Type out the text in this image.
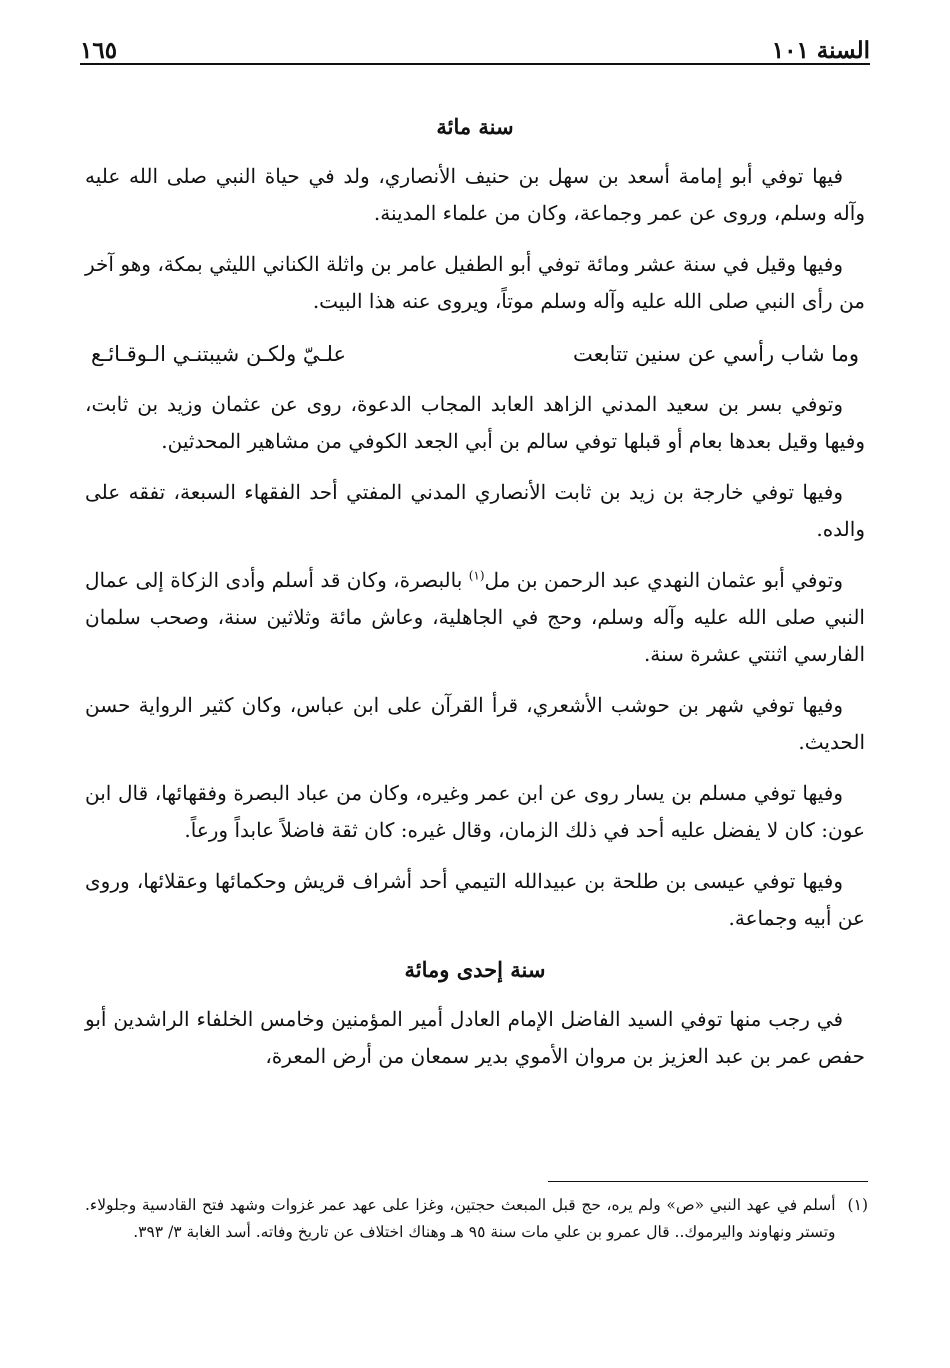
السنة ١٠١
١٦٥
سنة مائة

فيها توفي أبو إمامة أسعد بن سهل بن حنيف الأنصاري، ولد في حياة النبي صلى الله عليه وآله وسلم، وروى عن عمر وجماعة، وكان من علماء المدينة.

وفيها وقيل في سنة عشر ومائة توفي أبو الطفيل عامر بن واثلة الكناني الليثي بمكة، وهو آخر من رأى النبي صلى الله عليه وآله وسلم موتاً، ويروى عنه هذا البيت.

وما شاب رأسي عن سنين تتابعت
علـيّ ولكـن شيبتنـي الـوقـائـع

وتوفي بسر بن سعيد المدني الزاهد العابد المجاب الدعوة، روى عن عثمان وزيد بن ثابت، وفيها وقيل بعدها بعام أو قبلها توفي سالم بن أبي الجعد الكوفي من مشاهير المحدثين.

وفيها توفي خارجة بن زيد بن ثابت الأنصاري المدني المفتي أحد الفقهاء السبعة، تفقه على والده.

وتوفي أبو عثمان النهدي عبد الرحمن بن مل$^{(١)}$ بالبصرة، وكان قد أسلم وأدى الزكاة إلى عمال النبي صلى الله عليه وآله وسلم، وحج في الجاهلية، وعاش مائة وثلاثين سنة، وصحب سلمان الفارسي اثنتي عشرة سنة.

وفيها توفي شهر بن حوشب الأشعري، قرأ القرآن على ابن عباس، وكان كثير الرواية حسن الحديث.

وفيها توفي مسلم بن يسار روى عن ابن عمر وغيره، وكان من عباد البصرة وفقهائها، قال ابن عون: كان لا يفضل عليه أحد في ذلك الزمان، وقال غيره: كان ثقة فاضلاً عابداً ورعاً.

وفيها توفي عيسى بن طلحة بن عبيدالله التيمي أحد أشراف قريش وحكمائها وعقلائها، وروى عن أبيه وجماعة.

سنة إحدى ومائة

في رجب منها توفي السيد الفاضل الإمام العادل أمير المؤمنين وخامس الخلفاء الراشدين أبو حفص عمر بن عبد العزيز بن مروان الأموي بدير سمعان من أرض المعرة،

(١)
أسلم في عهد النبي «ص» ولم يره، حج قبل المبعث حجتين، وغزا على عهد عمر غزوات وشهد فتح القادسية وجلولاء. وتستر ونهاوند واليرموك.. قال عمرو بن علي مات سنة ٩٥ هـ وهناك اختلاف عن تاريخ وفاته. أسد الغابة ٣/ ٣٩٣.
